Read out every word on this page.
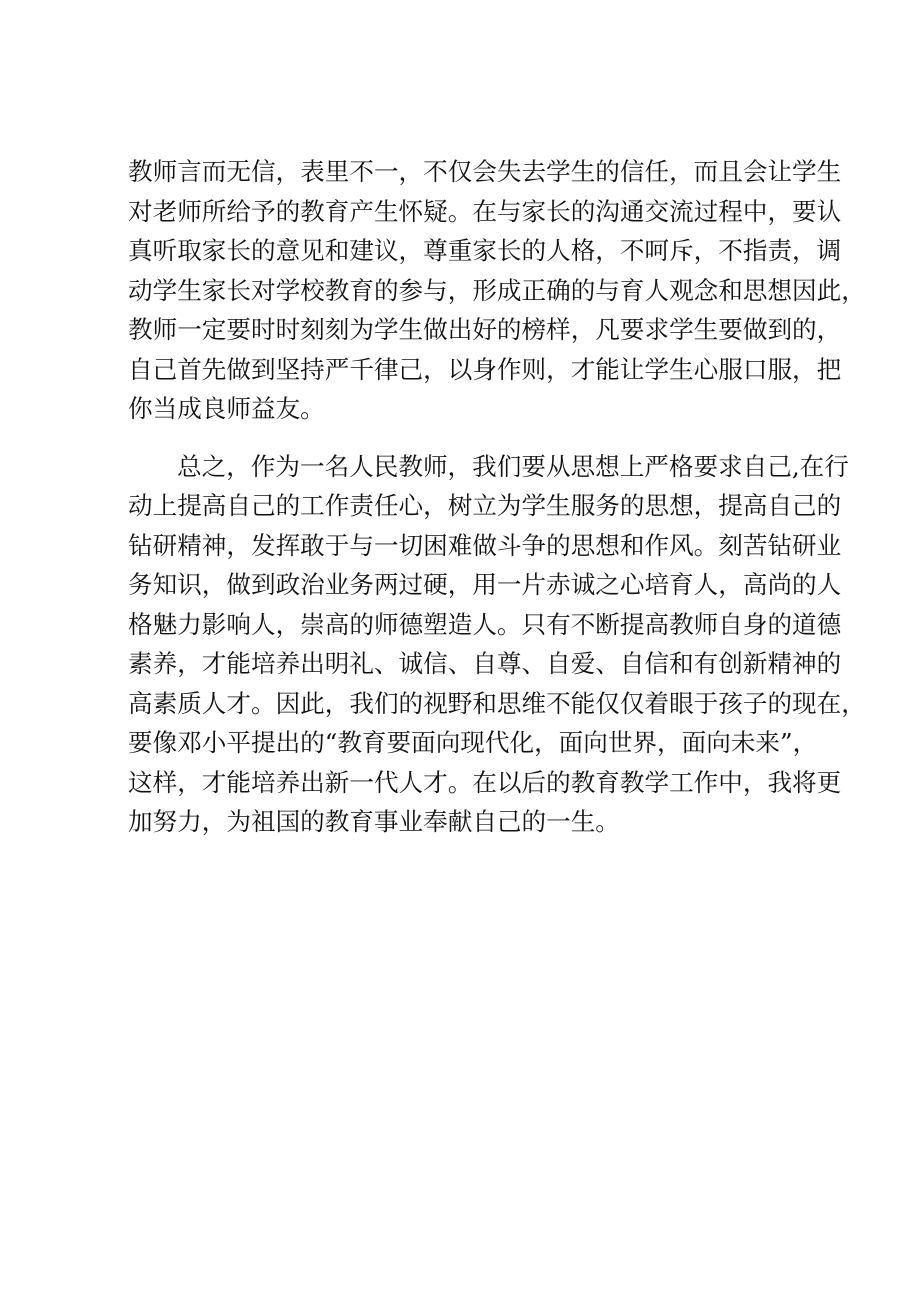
教师言而无信，表里不一，不仅会失去学生的信任，而且会让学生
对老师所给予的教育产生怀疑。在与家长的沟通交流过程中，要认
真听取家长的意见和建议，尊重家长的人格，不呵斥，不指责，调
动学生家长对学校教育的参与，形成正确的与育人观念和思想因此，
教师一定要时时刻刻为学生做出好的榜样，凡要求学生要做到的，
自己首先做到坚持严千律己，以身作则，才能让学生心服口服，把
你当成良师益友。
总之，作为一名人民教师，我们要从思想上严格要求自己,在行
动上提高自己的工作责任心，树立为学生服务的思想，提高自己的
钻研精神，发挥敢于与一切困难做斗争的思想和作风。刻苦钻研业
务知识，做到政治业务两过硬，用一片赤诚之心培育人，高尚的人
格魅力影响人，崇高的师德塑造人。只有不断提高教师自身的道德
素养，才能培养出明礼、诚信、自尊、自爱、自信和有创新精神的
高素质人才。因此，我们的视野和思维不能仅仅着眼于孩子的现在，
要像邓小平提出的“教育要面向现代化，面向世界，面向未来”，
这样，才能培养出新一代人才。在以后的教育教学工作中，我将更
加努力，为祖国的教育事业奉献自己的一生。
